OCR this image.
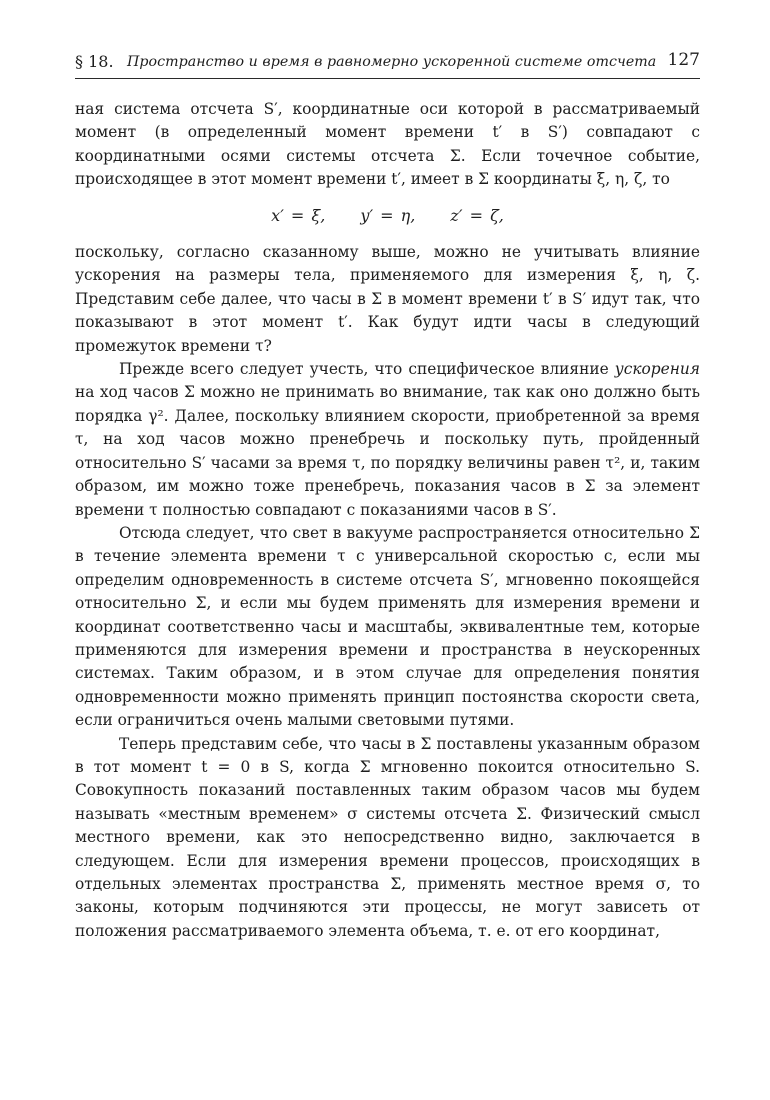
§ 18. Пространство и время в равномерно ускоренной системе отсчета 127

ная система отсчета S′, координатные оси которой в рассматриваемый момент (в определенный момент времени t′ в S′) совпадают с координатными осями системы отсчета Σ. Если точечное событие, происходящее в этот момент времени t′, имеет в Σ координаты ξ, η, ζ, то

x′ = ξ, y′ = η, z′ = ζ,

поскольку, согласно сказанному выше, можно не учитывать влияние ускорения на размеры тела, применяемого для измерения ξ, η, ζ. Представим себе далее, что часы в Σ в момент времени t′ в S′ идут так, что показывают в этот момент t′. Как будут идти часы в следующий промежуток времени τ?

Прежде всего следует учесть, что специфическое влияние ускорения на ход часов Σ можно не принимать во внимание, так как оно должно быть порядка γ². Далее, поскольку влиянием скорости, приобретенной за время τ, на ход часов можно пренебречь и поскольку путь, пройденный относительно S′ часами за время τ, по порядку величины равен τ², и, таким образом, им можно тоже пренебречь, показания часов в Σ за элемент времени τ полностью совпадают с показаниями часов в S′.

Отсюда следует, что свет в вакууме распространяется относительно Σ в течение элемента времени τ с универсальной скоростью c, если мы определим одновременность в системе отсчета S′, мгновенно покоящейся относительно Σ, и если мы будем применять для измерения времени и координат соответственно часы и масштабы, эквивалентные тем, которые применяются для измерения времени и пространства в неускоренных системах. Таким образом, и в этом случае для определения понятия одновременности можно применять принцип постоянства скорости света, если ограничиться очень малыми световыми путями.

Теперь представим себе, что часы в Σ поставлены указанным образом в тот момент t = 0 в S, когда Σ мгновенно покоится относительно S. Совокупность показаний поставленных таким образом часов мы будем называть «местным временем» σ системы отсчета Σ. Физический смысл местного времени, как это непосредственно видно, заключается в следующем. Если для измерения времени процессов, происходящих в отдельных элементах пространства Σ, применять местное время σ, то законы, которым подчиняются эти процессы, не могут зависеть от положения рассматриваемого элемента объема, т. е. от его координат,
